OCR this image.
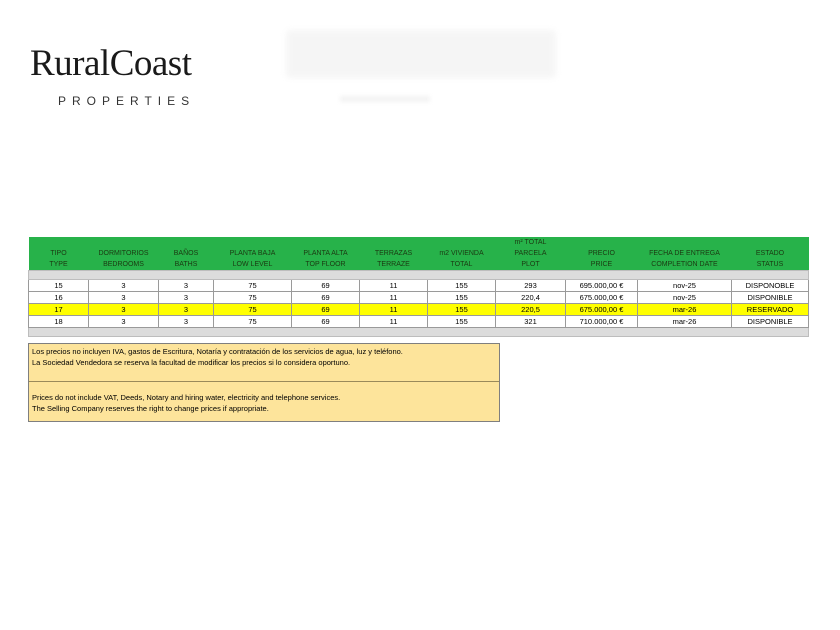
RuralCoast
PROPERTIES
							m² TOTAL			
TIPO	DORMITORIOS	BAÑOS	PLANTA BAJA	PLANTA ALTA	TERRAZAS	m2 VIVIENDA	PARCELA	PRECIO	FECHA DE ENTREGA	ESTADO
TYPE	BEDROOMS	BATHS	LOW LEVEL	TOP FLOOR	TERRAZE	TOTAL	PLOT	PRICE	COMPLETION DATE	STATUS

15	3	3	75	69	11	155	293	695.000,00 €	nov-25	DISPONOBLE
16	3	3	75	69	11	155	220,4	675.000,00 €	nov-25	DISPONIBLE
17	3	3	75	69	11	155	220,5	675.000,00 €	mar-26	RESERVADO
18	3	3	75	69	11	155	321	710.000,00 €	mar-26	DISPONIBLE

Los precios no incluyen IVA, gastos de Escritura, Notaría y contratación de los servicios de agua, luz y teléfono.
La Sociedad Vendedora se reserva la facultad de modificar los precios si lo considera oportuno.
Prices do not include VAT, Deeds, Notary and hiring water, electricity and telephone services.
The Selling Company reserves the right to change prices if appropriate.
